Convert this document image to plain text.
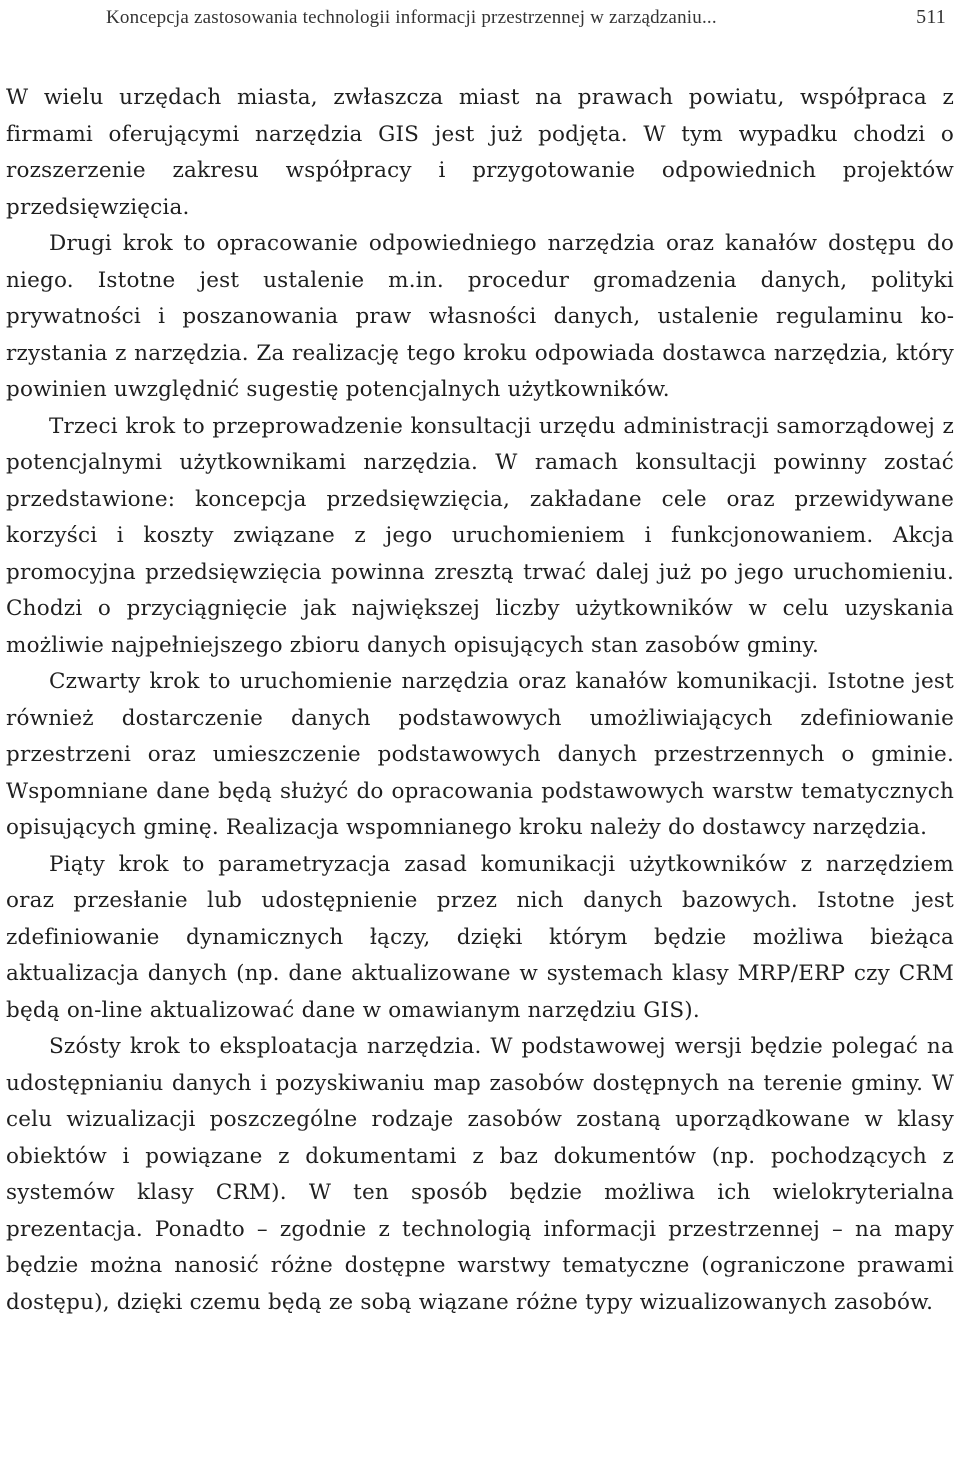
Koncepcja zastosowania technologii informacji przestrzennej w zarządzaniu...	511

W wielu urzędach miasta, zwłaszcza miast na prawach powiatu, współpraca z firmami oferującymi narzędzia GIS jest już podjęta. W tym wypadku chodzi o rozszerzenie zakresu współpracy i przygotowanie odpowiednich projektów przedsięwzięcia.

Drugi krok to opracowanie odpowiedniego narzędzia oraz kanałów dostępu do niego. Istotne jest ustalenie m.in. procedur gromadzenia danych, polityki prywatności i poszanowania praw własności danych, ustalenie regulaminu korzystania z narzędzia. Za realizację tego kroku odpowiada dostawca narzędzia, który powinien uwzględnić sugestię potencjalnych użytkowników.

Trzeci krok to przeprowadzenie konsultacji urzędu administracji samorządowej z potencjalnymi użytkownikami narzędzia. W ramach konsultacji powinny zostać przedstawione: koncepcja przedsięwzięcia, zakładane cele oraz przewidywane korzyści i koszty związane z jego uruchomieniem i funkcjonowaniem. Akcja promocyjna przedsięwzięcia powinna zresztą trwać dalej już po jego uruchomieniu. Chodzi o przyciągnięcie jak największej liczby użytkowników w celu uzyskania możliwie najpełniejszego zbioru danych opisujących stan zasobów gminy.

Czwarty krok to uruchomienie narzędzia oraz kanałów komunikacji. Istotne jest również dostarczenie danych podstawowych umożliwiających zdefiniowanie przestrzeni oraz umieszczenie podstawowych danych przestrzennych o gminie. Wspomniane dane będą służyć do opracowania podstawowych warstw tematycznych opisujących gminę. Realizacja wspomnianego kroku należy do dostawcy narzędzia.

Piąty krok to parametryzacja zasad komunikacji użytkowników z narzędziem oraz przesłanie lub udostępnienie przez nich danych bazowych. Istotne jest zdefiniowanie dynamicznych łączy, dzięki którym będzie możliwa bieżąca aktualizacja danych (np. dane aktualizowane w systemach klasy MRP/ERP czy CRM będą on-line aktualizować dane w omawianym narzędziu GIS).

Szósty krok to eksploatacja narzędzia. W podstawowej wersji będzie polegać na udostępnianiu danych i pozyskiwaniu map zasobów dostępnych na terenie gminy. W celu wizualizacji poszczególne rodzaje zasobów zostaną uporządkowane w klasy obiektów i powiązane z dokumentami z baz dokumentów (np. pochodzących z systemów klasy CRM). W ten sposób będzie możliwa ich wielokryterialna prezentacja. Ponadto – zgodnie z technologią informacji przestrzennej – na mapy będzie można nanosić różne dostępne warstwy tematyczne (ograniczone prawami dostępu), dzięki czemu będą ze sobą wiązane różne typy wizualizowanych zasobów.
